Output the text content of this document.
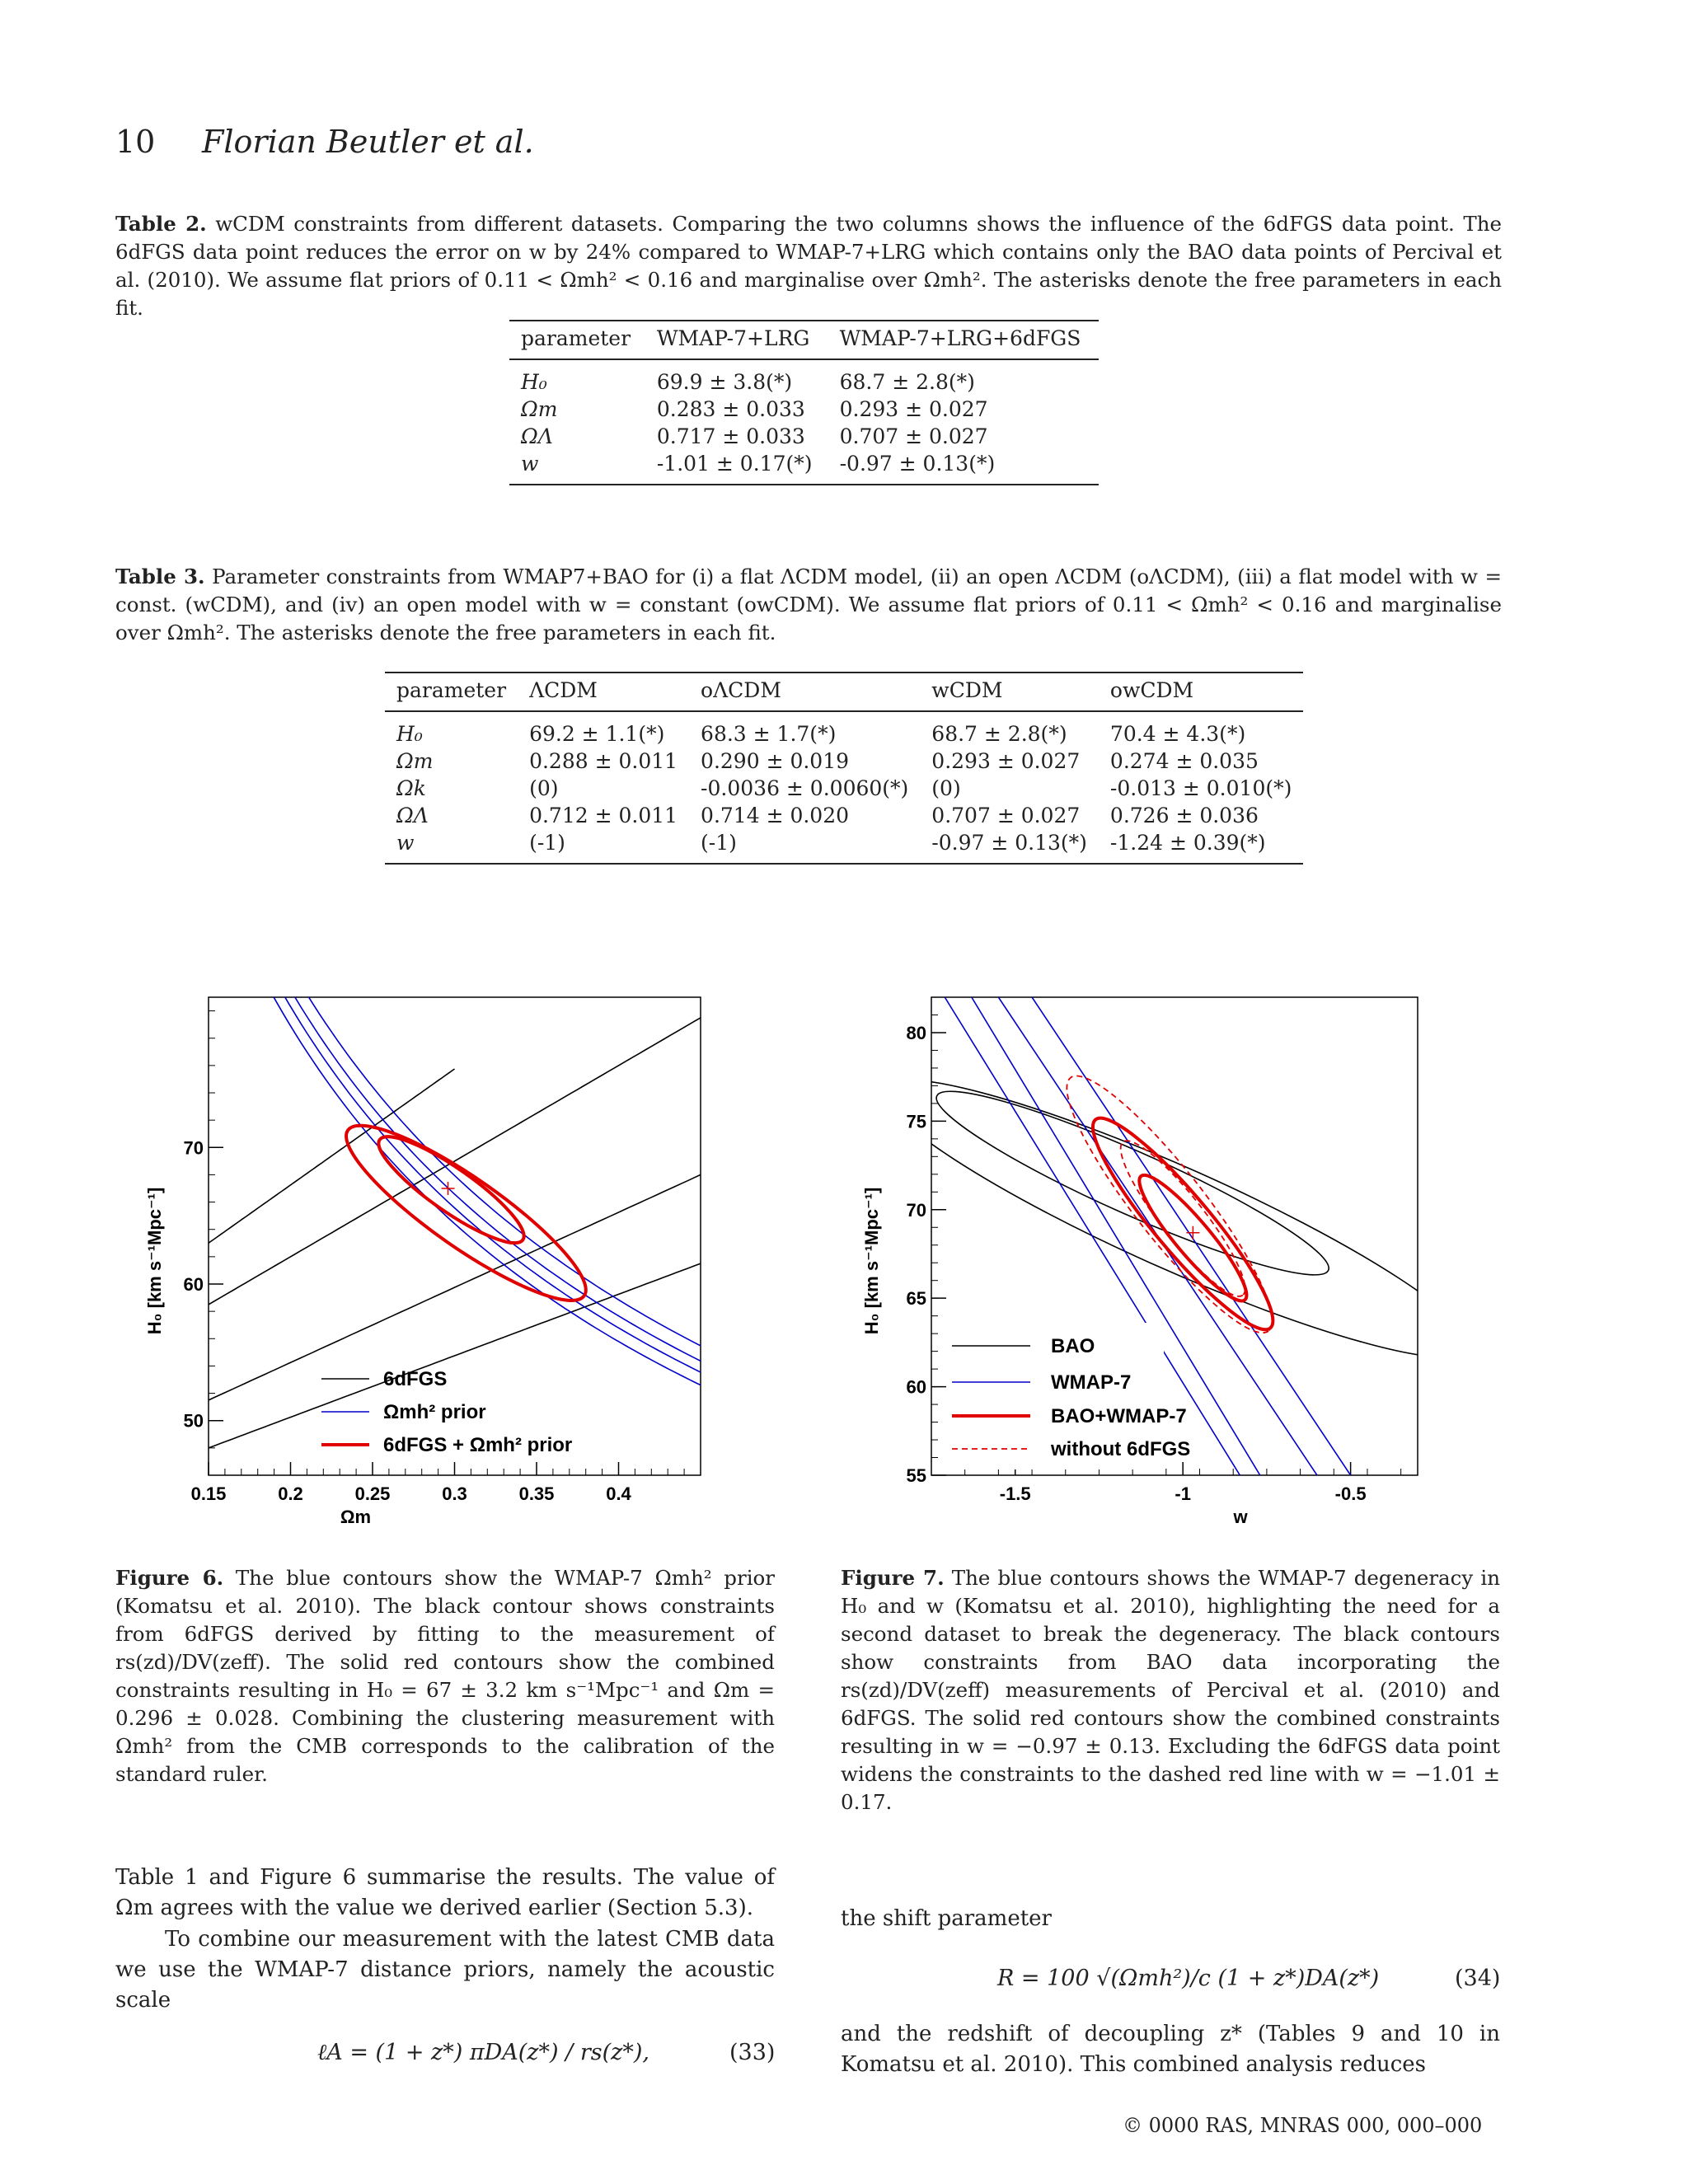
10 Florian Beutler et al.
Table 2. wCDM constraints from different datasets. Comparing the two columns shows the influence of the 6dFGS data point. The 6dFGS data point reduces the error on w by 24% compared to WMAP-7+LRG which contains only the BAO data points of Percival et al. (2010). We assume flat priors of 0.11 < Ωmh² < 0.16 and marginalise over Ωmh². The asterisks denote the free parameters in each fit.
parameter	WMAP-7+LRG	WMAP-7+LRG+6dFGS
H₀	69.9 ± 3.8(*)	68.7 ± 2.8(*)
Ωm	0.283 ± 0.033	0.293 ± 0.027
ΩΛ	0.717 ± 0.033	0.707 ± 0.027
w	-1.01 ± 0.17(*)	-0.97 ± 0.13(*)
Table 3. Parameter constraints from WMAP7+BAO for (i) a flat ΛCDM model, (ii) an open ΛCDM (oΛCDM), (iii) a flat model with w = const. (wCDM), and (iv) an open model with w = constant (owCDM). We assume flat priors of 0.11 < Ωmh² < 0.16 and marginalise over Ωmh². The asterisks denote the free parameters in each fit.
parameter	ΛCDM	oΛCDM	wCDM	owCDM
H₀	69.2 ± 1.1(*)	68.3 ± 1.7(*)	68.7 ± 2.8(*)	70.4 ± 4.3(*)
Ωm	0.288 ± 0.011	0.290 ± 0.019	0.293 ± 0.027	0.274 ± 0.035
Ωk	(0)	-0.0036 ± 0.0060(*)	(0)	-0.013 ± 0.010(*)
ΩΛ	0.712 ± 0.011	0.714 ± 0.020	0.707 ± 0.027	0.726 ± 0.036
w	(-1)	(-1)	-0.97 ± 0.13(*)	-1.24 ± 0.39(*)
0.15	0.2	0.25	0.3	0.35	0.4
50
60
70
Ωm
H₀ [km s⁻¹Mpc⁻¹]
6dFGS
Ωmh² prior
6dFGS + Ωmh² prior
-1.5	-1	-0.5
55
60
65
70
75
80
w
H₀ [km s⁻¹Mpc⁻¹]
BAO
WMAP-7
BAO+WMAP-7
without 6dFGS
Figure 6. The blue contours show the WMAP-7 Ωmh² prior (Komatsu et al. 2010). The black contour shows constraints from 6dFGS derived by fitting to the measurement of rs(zd)/DV(zeff). The solid red contours show the combined constraints resulting in H₀ = 67 ± 3.2 km s⁻¹Mpc⁻¹ and Ωm = 0.296 ± 0.028. Combining the clustering measurement with Ωmh² from the CMB corresponds to the calibration of the standard ruler.
Figure 7. The blue contours shows the WMAP-7 degeneracy in H₀ and w (Komatsu et al. 2010), highlighting the need for a second dataset to break the degeneracy. The black contours show constraints from BAO data incorporating the rs(zd)/DV(zeff) measurements of Percival et al. (2010) and 6dFGS. The solid red contours show the combined constraints resulting in w = −0.97 ± 0.13. Excluding the 6dFGS data point widens the constraints to the dashed red line with w = −1.01 ± 0.17.
Table 1 and Figure 6 summarise the results. The value of Ωm agrees with the value we derived earlier (Section 5.3).
To combine our measurement with the latest CMB data we use the WMAP-7 distance priors, namely the acoustic scale
ℓA = (1 + z*) πDA(z*) / rs(z*),	(33)
the shift parameter
R = 100 √(Ωmh²)/c (1 + z*)DA(z*)	(34)
and the redshift of decoupling z* (Tables 9 and 10 in Komatsu et al. 2010). This combined analysis reduces
© 0000 RAS, MNRAS 000, 000–000
